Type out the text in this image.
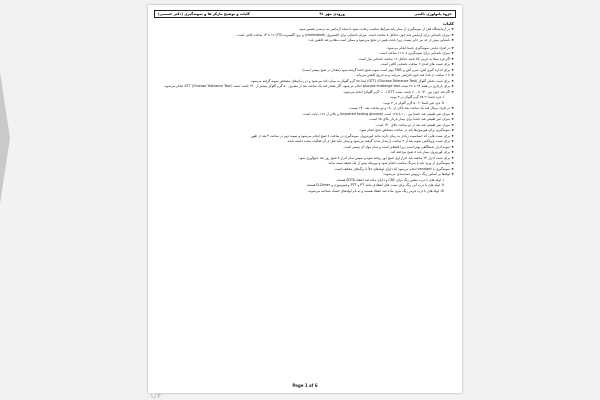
جزوه پاتولوژی بالینی
ورودی مهر ۹۱
کلیات و توضیح مارکر ها و نمونه‌گیری (دکتر حسینی)
کلیات
❖ در آزمایشگاه قبل از نمونه‌گیری از بیمار باید شرایط مناسب رعایت شود تا نتیجه آزمایش به درستی تفسیر شود.
❖ میزان ناشتایی برای آزمایش قند خون حداقل ۸ ساعت است. میزان ناشتایی برای کلسترول (cholesterol) و تری گلیسرید (TG) ۱۲ تا ۱۴ ساعت کافی است.
❖ ناشتایی بیش از حد نیز جایز نیست زیرا باعث تغییر در نتایج می‌شود و ممکن است مقادیر قند کاهش یابد.
❖ در افراد دیابتی نمونه‌گیری ناشتا انجام می‌شود.
❖ میزان ناشتایی برای نمونه‌گیری ۸ تا ۱۲ ساعت است.
❖ اگر فرد مبتلا به چربی بالا باشد حداقل ۱۲ ساعت ناشتایی نیاز است.
❖ برای تست های کبدی ۶ ساعت ناشتایی کافی است.
❖ برای اندازه گیری آهن، سرم آهن و TIBC بهتر است نمونه صبح ناشتا گرفته شود (مقدار در صبح بیشتر است).
❖ تا ۶ ساعت از غذا، قند خون افزایش می‌یابد و به تدریج کاهش می‌یابد.
❖ برای تست تحمل گلوکز (Glucose Tolerance Test) (GTT) ابتدا ۷۵ گرم گلوکز به بیمار داده می‌شود و در زمان‌های مشخص نمونه گرفته می‌شود.
❖ برای بارداری در هفته ۲۴ تا ۲۸ تست glucose challenge test انجام می‌شود. اگر مقدار قند یک ساعت بعد از مصرف ۵۰ گرم گلوکز بیشتر از ۱۴۰ باشد، تست GTT (Glucose Tolerance Test) انجام می‌شود.
❖ اگر قند خون بین ۱۴۰ تا ۲۰۰ باشد، تست GTT (۱۰۰ گرم گلوکز) انجام می‌شود.
I. فرد ناشتا ← ۷۵ گرم گلوکز در ۳ نوبت
II. فرد غیر ناشتا ← ۵۰ گرم گلوکز در ۳ نوبت
❖ در افراد نرمال قند یک ساعت بعد بالاتر از ۱۸۰ و دو ساعت بعد ۱۴۰ نیست.
❖ میزان غیر طبیعی قند ناشتا بین ۱۰۰ تا ۱۲۵ است (Impaired fasting glucose) و بالاتر از ۱۲۶ دیابت است.
❖ میزان غیر طبیعی قند ناشتا برای بیمار باردار بالای ۹۵ است.
❖ میزان غیر طبیعی قند بعد از دو ساعت بالای ۱۴۰ است.
❖ نمونه‌گیری برای هورمون‌ها باید در ساعت مشخص صبح انجام شود.
❖ برای تست هایی که حساسیت زیادی به زمان دارند مانند کورتیزول، نمونه‌گیری در ساعت ۸ صبح انجام می‌شود و نمونه دوم در ساعت ۴ بعد از ظهر.
❖ برای تست پرولاکتین نمونه بعد از ۳ ساعت از بیدار شدن گرفته می‌شود و بیمار نباید قبل از آن فعالیت شدید داشته باشد.
❖ نمونه ادرار صبحگاهی بهتر است زیرا غلیظ‌تر است و تمام مواد آن بیشتر است.
❖ برای کورتیزول بیمار باید ۸ صبح مراجعه کند.
❖ برای تست ادرار ۲۴ ساعته باید ادرار اول صبح دور ریخته شود و سپس تمام ادرار تا صبح روز بعد جمع‌آوری شود.
❖ نمونه‌گیری از ورید باید با سرنگ مناسب انجام شود و تورنیکه بیش از یک دقیقه بسته نماند.
❖ نمونه‌گیری با venoject انجام می‌شود که دارای لوله‌های خلأ با رنگ‌های مختلف است.
❖ لوله‌ها بر اساس رنگ درپوش دسته‌بندی می‌شوند:
I. لوله های با درب بنفش رنگ برای CBC و دارای ماده ضد انعقاد EDTA هستند.
II. لوله های با درب آبی رنگ برای تست های انعقادی مانند PT و PTT و فیبرینوژن و D-Dimer هستند.
III. لوله های با درب قرمز رنگ بدون ماده ضد انعقاد هستند و به نام لوله‌های خشک شناخته می‌شوند.
Page 1 of 6
۱/۳
